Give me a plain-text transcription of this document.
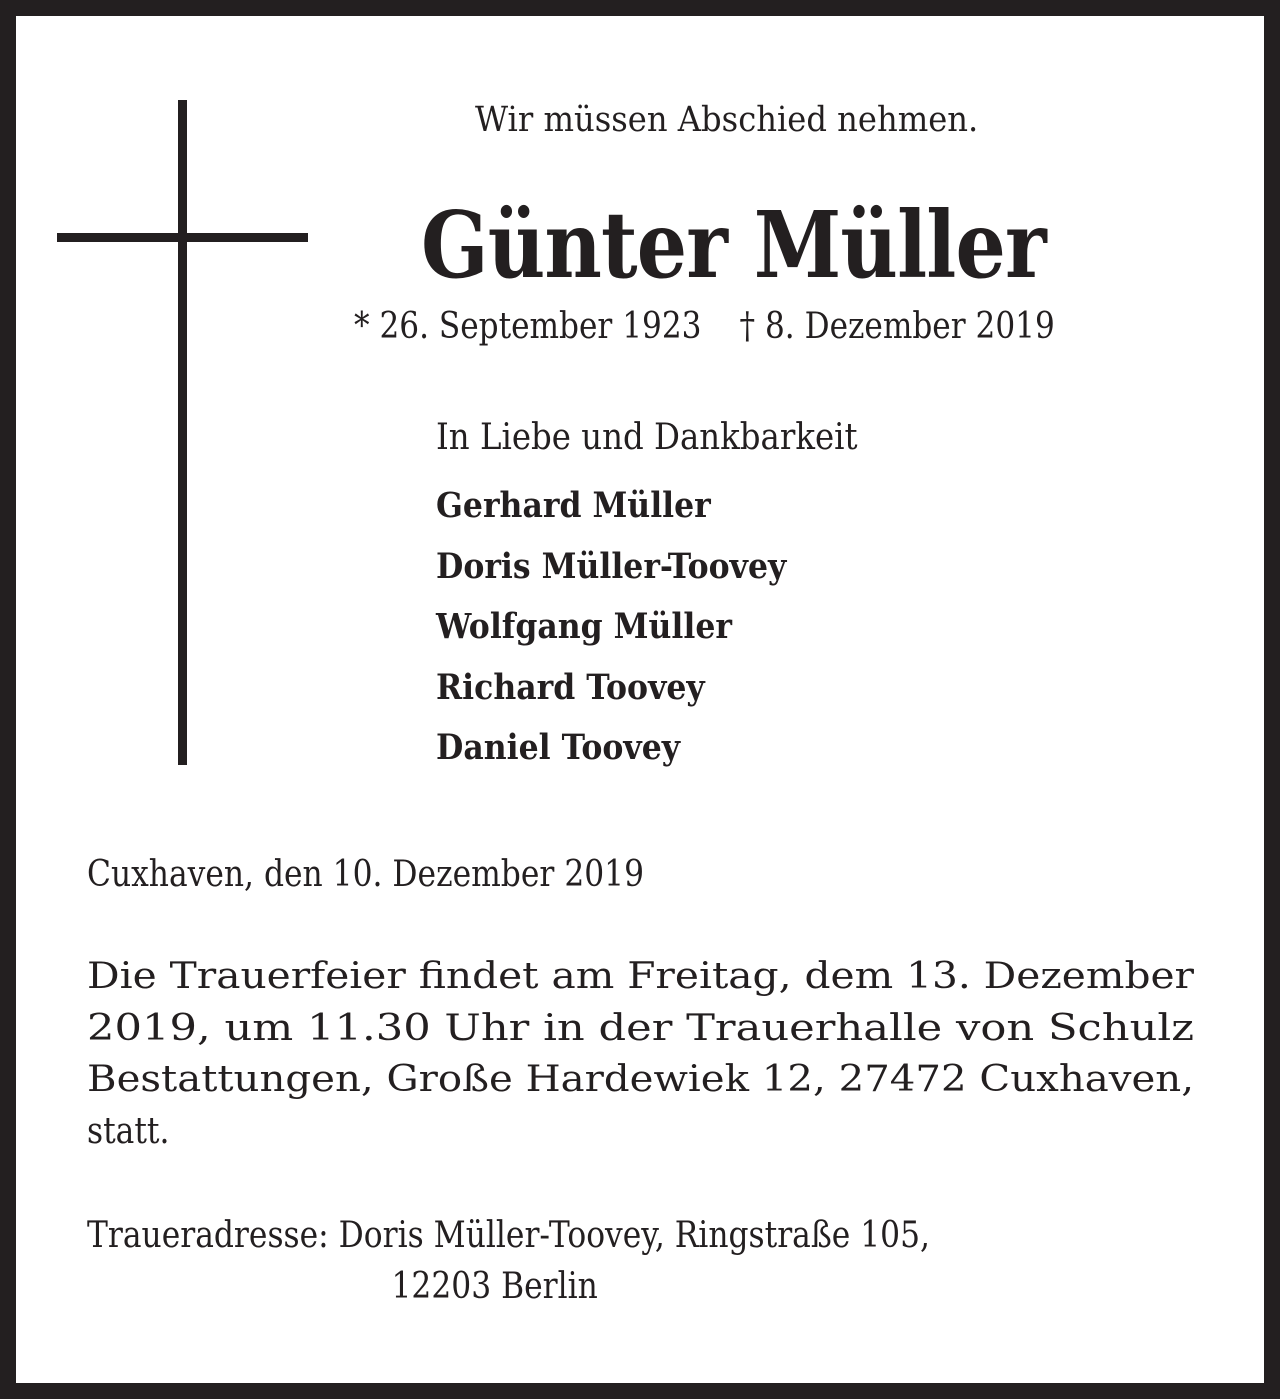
Wir müssen Abschied nehmen.
Günter Müller
* 26. September 1923 † 8. Dezember 2019
In Liebe und Dankbarkeit
Gerhard Müller
Doris Müller-Toovey
Wolfgang Müller
Richard Toovey
Daniel Toovey
Cuxhaven, den 10. Dezember 2019
Die Trauerfeier findet am Freitag, dem 13. Dezember
2019, um 11.30 Uhr in der Trauerhalle von Schulz
Bestattungen, Große Hardewiek 12, 27472 Cuxhaven,
statt.
Traueradresse: Doris Müller-Toovey, Ringstraße 105,
12203 Berlin
